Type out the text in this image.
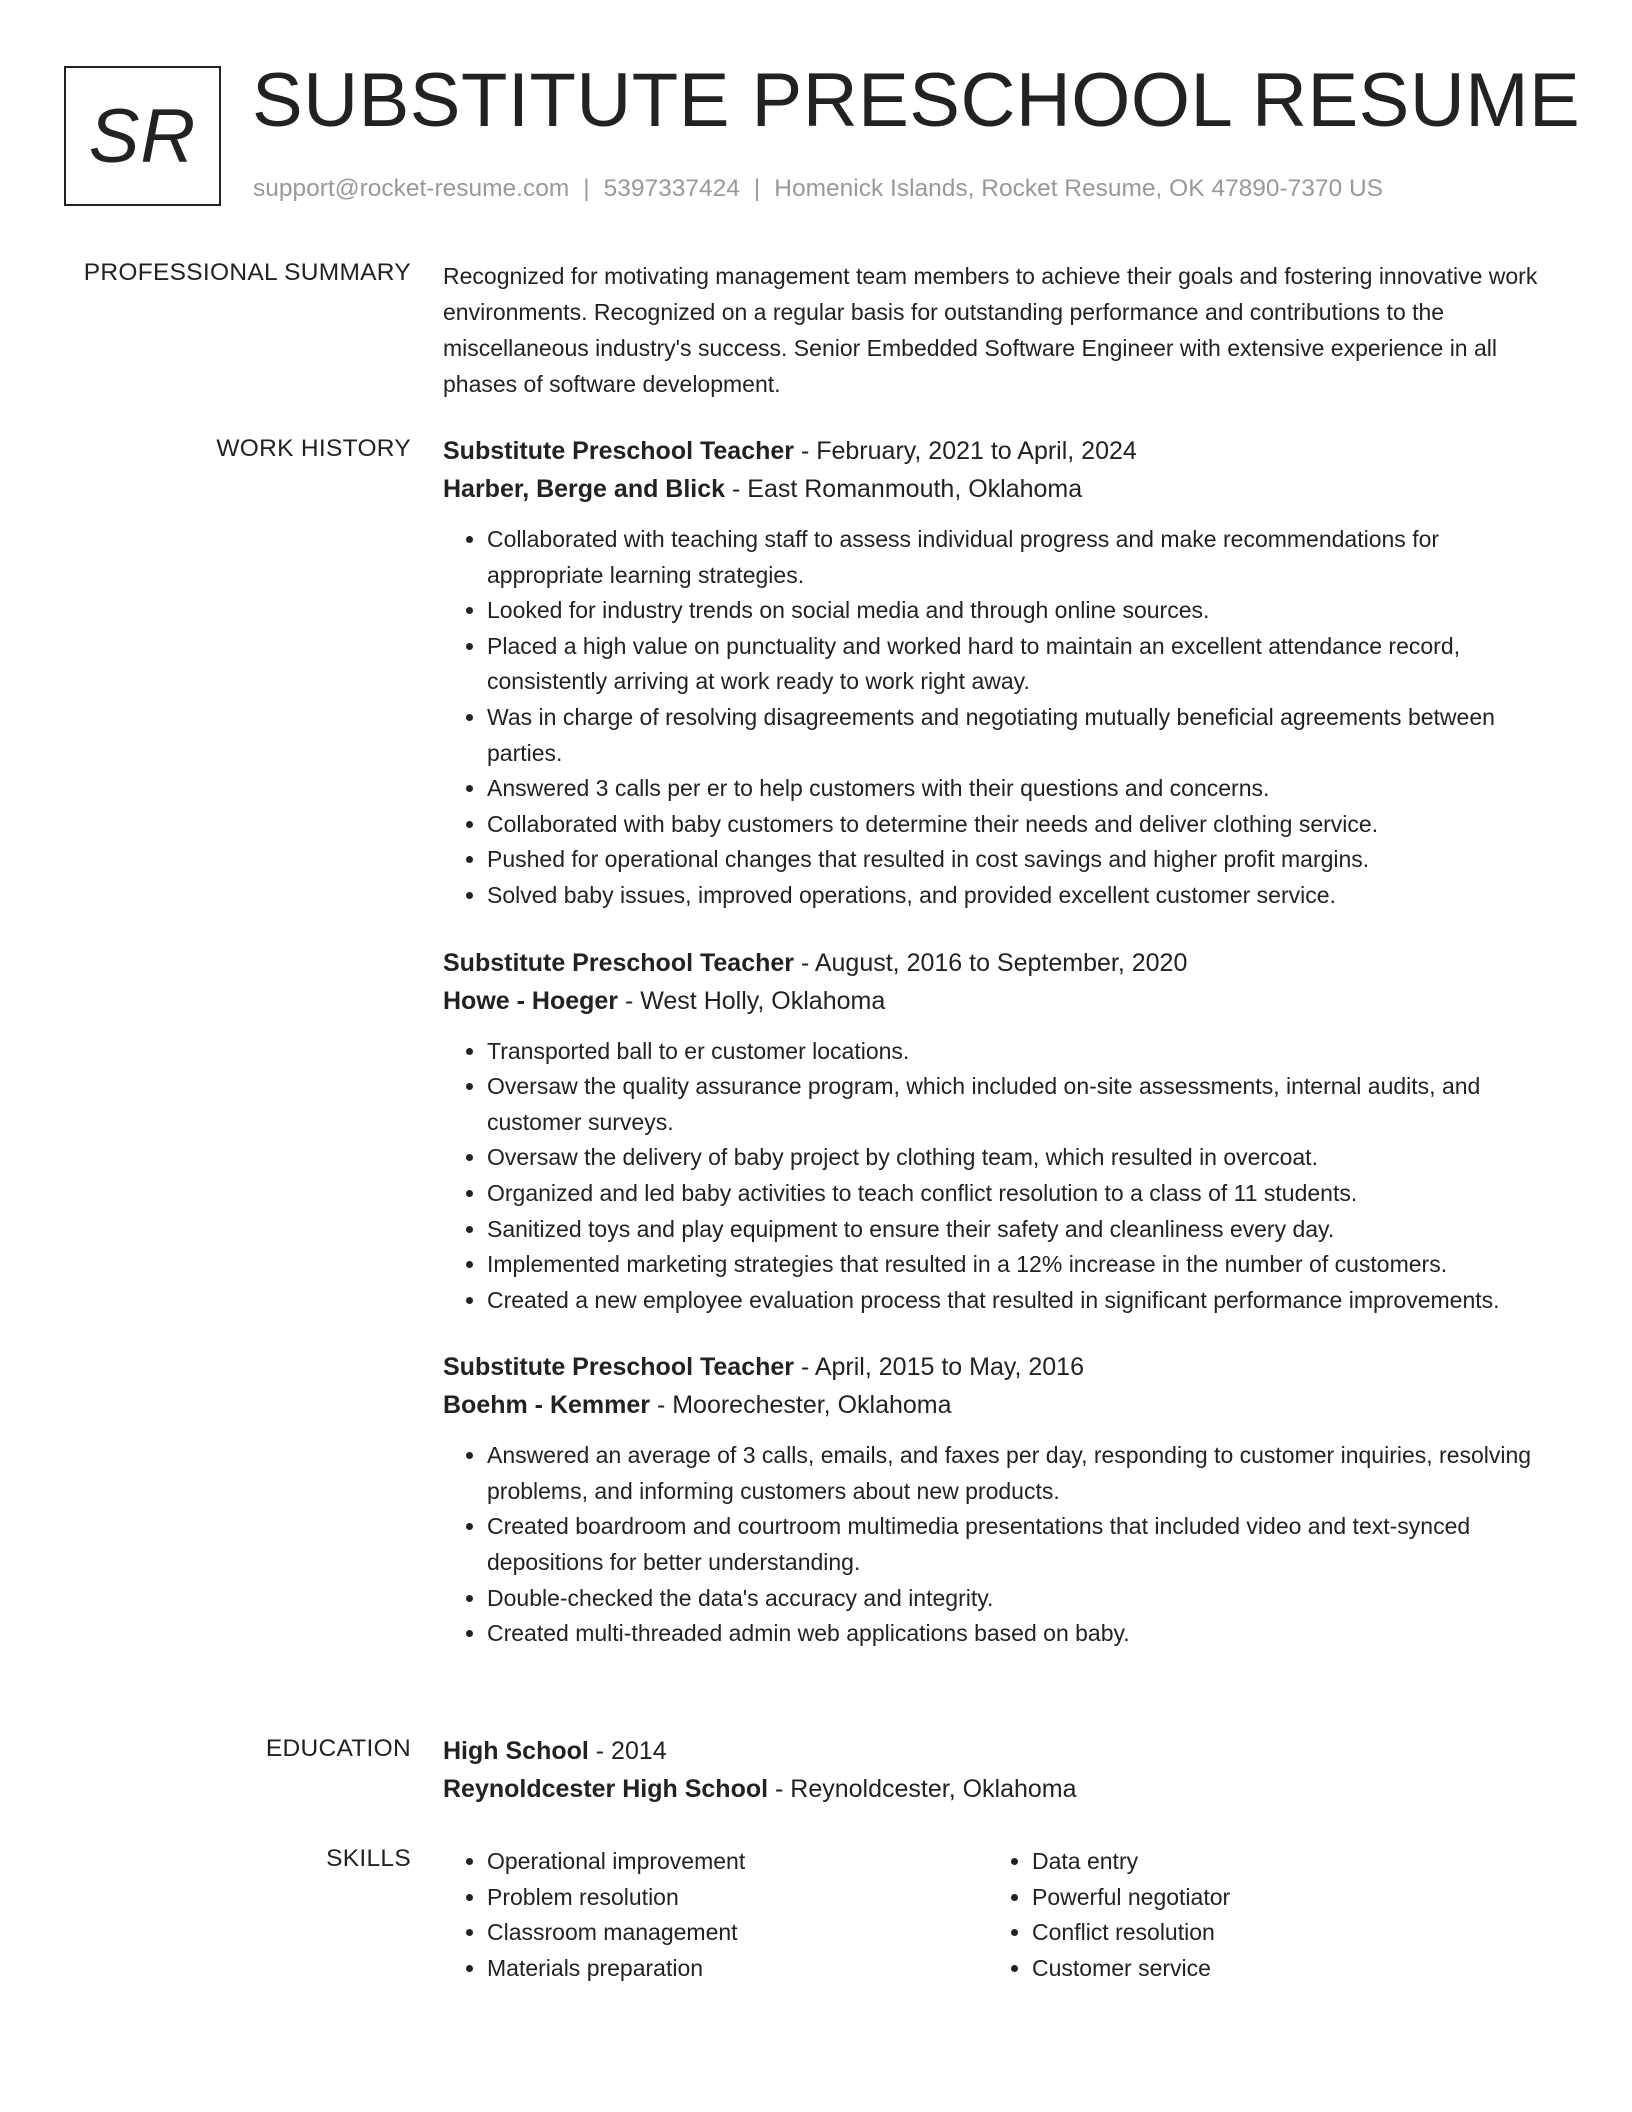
SR SUBSTITUTE PRESCHOOL RESUME
support@rocket-resume.com | 5397337424 | Homenick Islands, Rocket Resume, OK 47890-7370 US
PROFESSIONAL SUMMARY Recognized for motivating management team members to achieve their goals and fostering innovative work environments. Recognized on a regular basis for outstanding performance and contributions to the miscellaneous industry's success. Senior Embedded Software Engineer with extensive experience in all phases of software development.

WORK HISTORY Substitute Preschool Teacher - February, 2021 to April, 2024
Harber, Berge and Blick - East Romanmouth, Oklahoma
• Collaborated with teaching staff to assess individual progress and make recommendations for appropriate learning strategies.
• Looked for industry trends on social media and through online sources.
• Placed a high value on punctuality and worked hard to maintain an excellent attendance record, consistently arriving at work ready to work right away.
• Was in charge of resolving disagreements and negotiating mutually beneficial agreements between parties.
• Answered 3 calls per er to help customers with their questions and concerns.
• Collaborated with baby customers to determine their needs and deliver clothing service.
• Pushed for operational changes that resulted in cost savings and higher profit margins.
• Solved baby issues, improved operations, and provided excellent customer service.
Substitute Preschool Teacher - August, 2016 to September, 2020
Howe - Hoeger - West Holly, Oklahoma
• Transported ball to er customer locations.
• Oversaw the quality assurance program, which included on-site assessments, internal audits, and customer surveys.
• Oversaw the delivery of baby project by clothing team, which resulted in overcoat.
• Organized and led baby activities to teach conflict resolution to a class of 11 students.
• Sanitized toys and play equipment to ensure their safety and cleanliness every day.
• Implemented marketing strategies that resulted in a 12% increase in the number of customers.
• Created a new employee evaluation process that resulted in significant performance improvements.
Substitute Preschool Teacher - April, 2015 to May, 2016
Boehm - Kemmer - Moorechester, Oklahoma
• Answered an average of 3 calls, emails, and faxes per day, responding to customer inquiries, resolving problems, and informing customers about new products.
• Created boardroom and courtroom multimedia presentations that included video and text-synced depositions for better understanding.
• Double-checked the data's accuracy and integrity.
• Created multi-threaded admin web applications based on baby.
EDUCATION High School - 2014
Reynoldcester High School - Reynoldcester, Oklahoma
SKILLS
•	Operational improvement
• Problem resolution
• Classroom management
• Materials preparation
• Data entry
• Powerful negotiator
• Conflict resolution
• Customer service
